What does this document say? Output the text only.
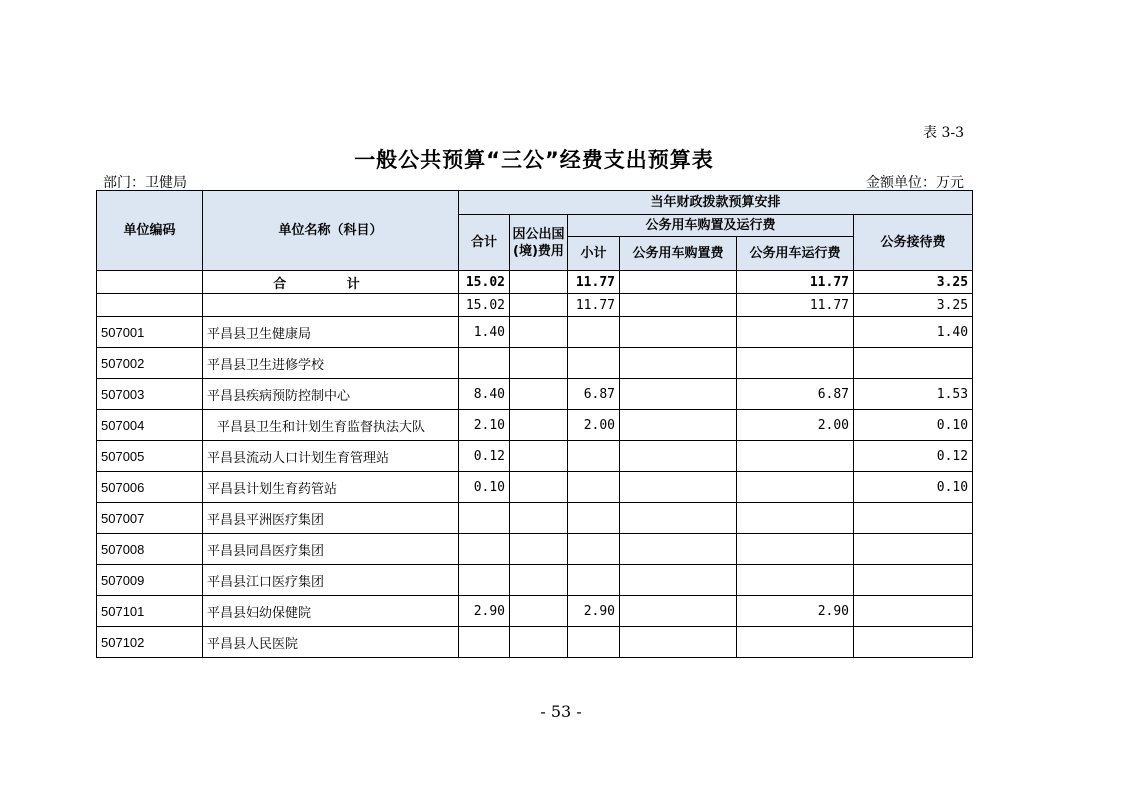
表 3-3
一般公共预算“三公”经费支出预算表
部门：卫健局	金额单位：万元
单位编码	单位名称（科目）	当年财政拨款预算安排					
		合计	因公出国(境)费用	公务用车购置及运行费			公务接待费
				小计	公务用车购置费	公务用车运行费	
	合 计	15.02		11.77		11.77	3.25
		15.02		11.77		11.77	3.25
507001	平昌县卫生健康局	1.40					1.40
507002	平昌县卫生进修学校						
507003	平昌县疾病预防控制中心	8.40		6.87		6.87	1.53
507004	平昌县卫生和计划生育监督执法大队	2.10		2.00		2.00	0.10
507005	平昌县流动人口计划生育管理站	0.12					0.12
507006	平昌县计划生育药管站	0.10					0.10
507007	平昌县平洲医疗集团						
507008	平昌县同昌医疗集团						
507009	平昌县江口医疗集团						
507101	平昌县妇幼保健院	2.90		2.90		2.90	
507102	平昌县人民医院						
- 53 -
